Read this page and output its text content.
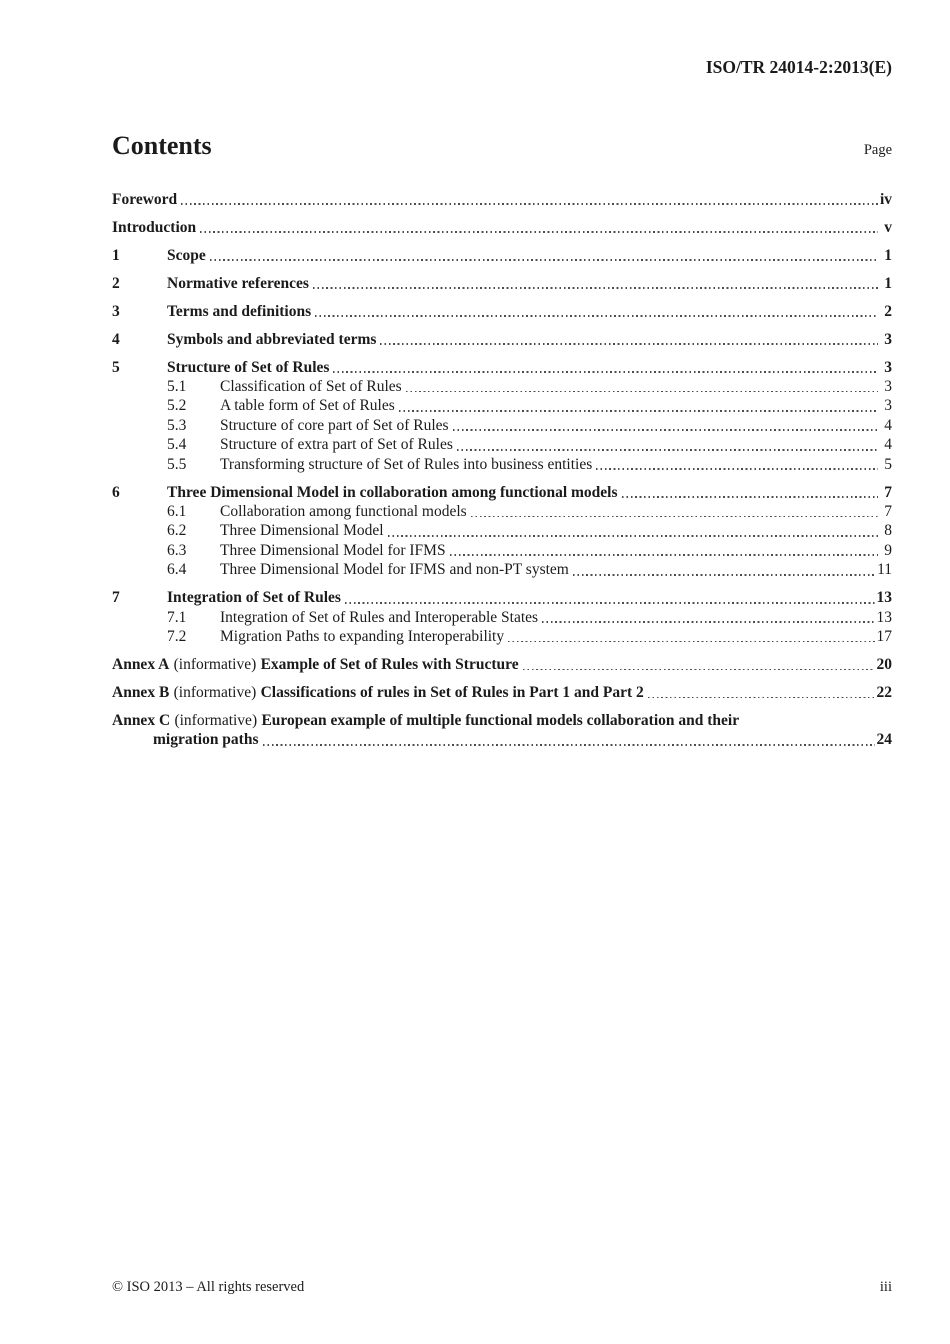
ISO/TR 24014-2:2013(E)
Contents	Page
Foreword	iv
Introduction	v
1	Scope	1
2	Normative references	1
3	Terms and definitions	2
4	Symbols and abbreviated terms	3
5	Structure of Set of Rules	3
5.1	Classification of Set of Rules	3
5.2	A table form of Set of Rules	3
5.3	Structure of core part of Set of Rules	4
5.4	Structure of extra part of Set of Rules	4
5.5	Transforming structure of Set of Rules into business entities	5
6	Three Dimensional Model in collaboration among functional models	7
6.1	Collaboration among functional models	7
6.2	Three Dimensional Model	8
6.3	Three Dimensional Model for IFMS	9
6.4	Three Dimensional Model for IFMS and non-PT system	11
7	Integration of Set of Rules	13
7.1	Integration of Set of Rules and Interoperable States	13
7.2	Migration Paths to expanding Interoperability	17
Annex A (informative) Example of Set of Rules with Structure	20
Annex B (informative) Classifications of rules in Set of Rules in Part 1 and Part 2	22
Annex C (informative) European example of multiple functional models collaboration and their
migration paths	24
© ISO 2013 – All rights reserved	iii
